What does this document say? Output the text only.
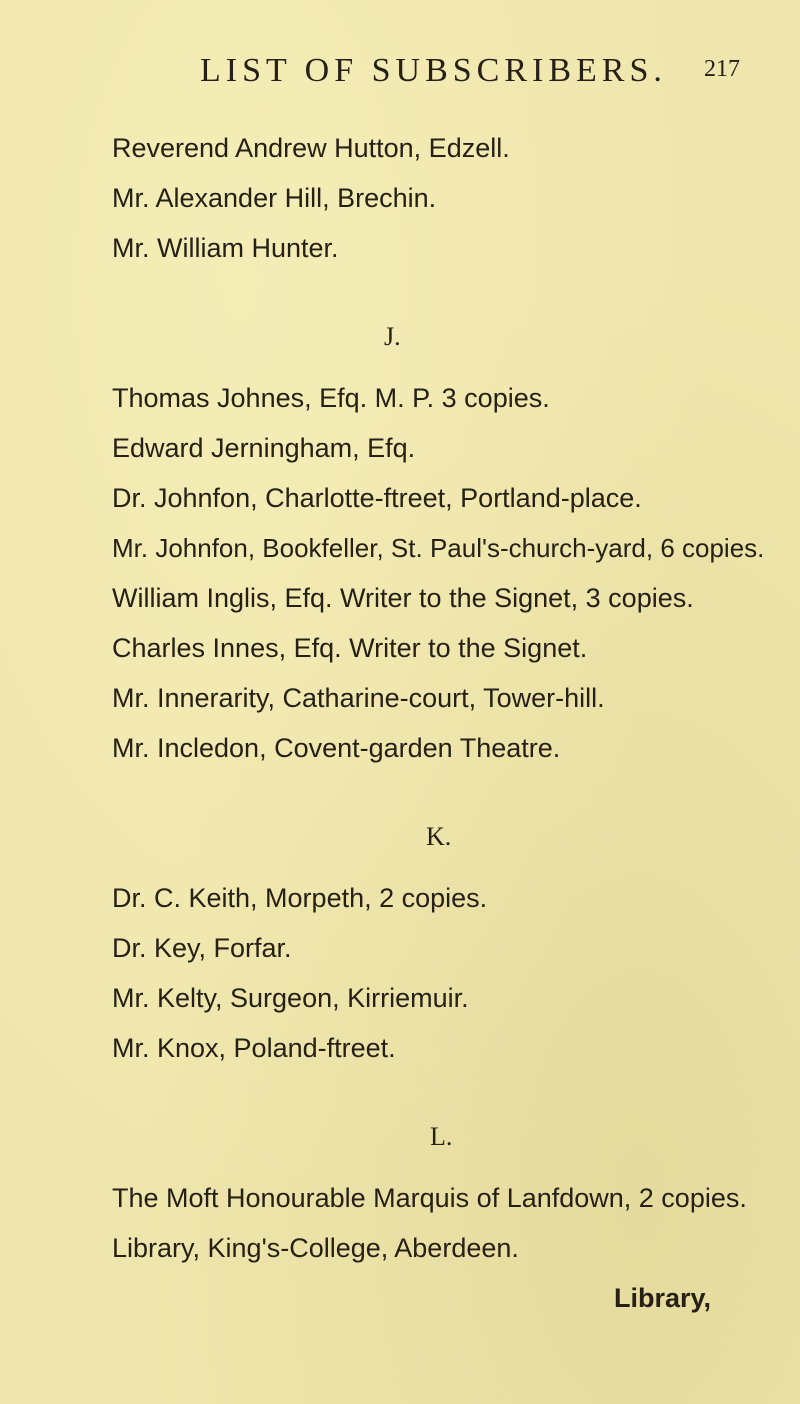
LIST OF SUBSCRIBERS. 217
Reverend Andrew Hutton, Edzell.
Mr. Alexander Hill, Brechin.
Mr. William Hunter.
J.
Thomas Johnes, Efq. M. P. 3 copies.
Edward Jerningham, Efq.
Dr. Johnfon, Charlotte-ftreet, Portland-place.
Mr. Johnfon, Bookfeller, St. Paul's-church-yard, 6 copies.
William Inglis, Efq. Writer to the Signet, 3 copies.
Charles Innes, Efq. Writer to the Signet.
Mr. Innerarity, Catharine-court, Tower-hill.
Mr. Incledon, Covent-garden Theatre.
K.
Dr. C. Keith, Morpeth, 2 copies.
Dr. Key, Forfar.
Mr. Kelty, Surgeon, Kirriemuir.
Mr. Knox, Poland-ftreet.
L.
The Moft Honourable Marquis of Lanfdown, 2 copies.
Library, King's-College, Aberdeen.
Library,
